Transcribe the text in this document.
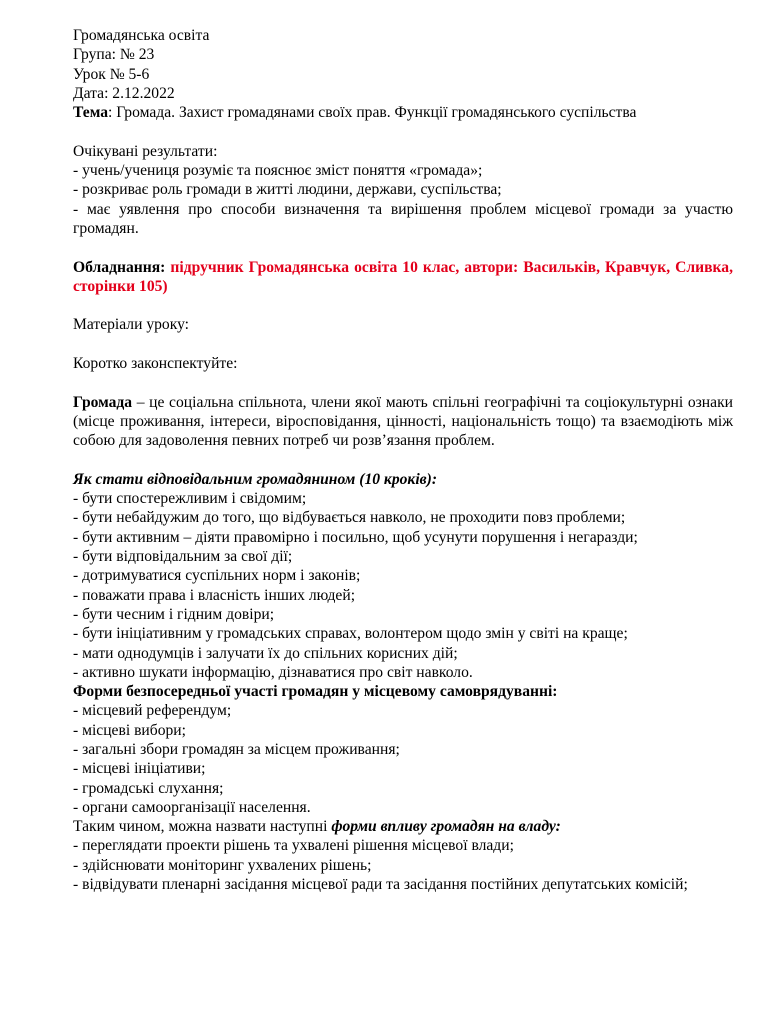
Громадянська освіта

Група: № 23

Урок № 5-6

Дата: 2.12.2022

Тема: Громада. Захист громадянами своїх прав. Функції громадянського суспільства

Очікувані результати:

- учень/учениця розуміє та пояснює зміст поняття «громада»;

- розкриває роль громади в житті людини, держави, суспільства;

- має уявлення про способи визначення та вирішення проблем місцевої громади за участю громадян.

Обладнання: підручник Громадянська освіта 10 клас, автори: Васильків, Кравчук, Сливка, сторінки 105)

Матеріали уроку:

Коротко законспектуйте:

Громада – це соціальна спільнота, члени якої мають спільні географічні та соціокультурні ознаки (місце проживання, інтереси, віросповідання, цінності, національність тощо) та взаємодіють між собою для задоволення певних потреб чи розв’язання проблем.

Як стати відповідальним громадянином (10 кроків):

- бути спостережливим і свідомим;

- бути небайдужим до того, що відбувається навколо, не проходити повз проблеми;

- бути активним – діяти правомірно і посильно, щоб усунути порушення і негаразди;

- бути відповідальним за свої дії;

- дотримуватися суспільних норм і законів;

- поважати права і власність інших людей;

- бути чесним і гідним довіри;

- бути ініціативним у громадських справах, волонтером щодо змін у світі на краще;

- мати однодумців і залучати їх до спільних корисних дій;

- активно шукати інформацію, дізнаватися про світ навколо.

Форми безпосередньої участі громадян у місцевому самоврядуванні:

- місцевий референдум;

- місцеві вибори;

- загальні збори громадян за місцем проживання;

- місцеві ініціативи;

- громадські слухання;

- органи самоорганізації населення.

Таким чином, можна назвати наступні форми впливу громадян на владу:

- переглядати проекти рішень та ухвалені рішення місцевої влади;

- здійснювати моніторинг ухвалених рішень;

- відвідувати пленарні засідання місцевої ради та засідання постійних депутатських комісій;
